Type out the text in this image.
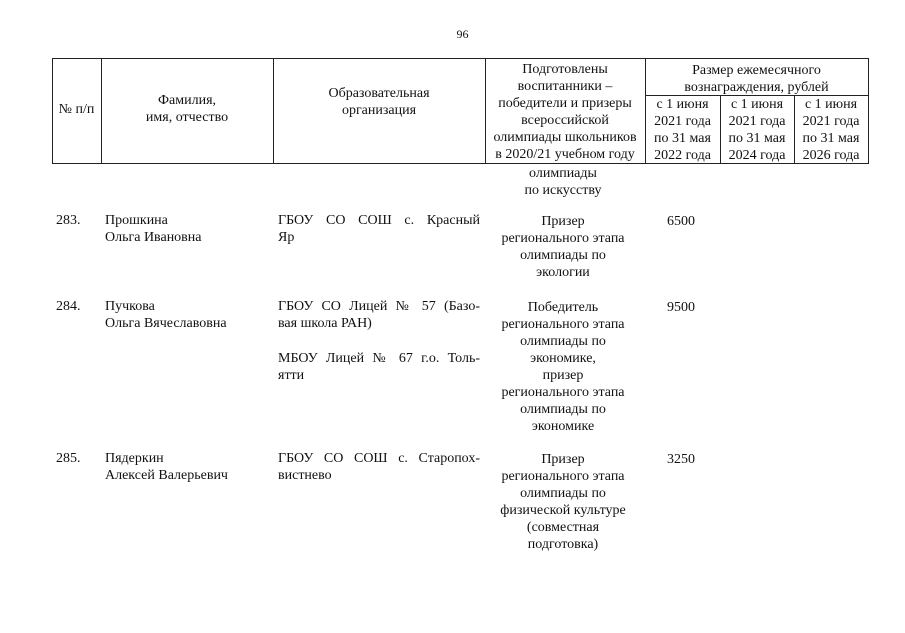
96
№ п/п
Фамилия,
имя, отчество
Образовательная
организация
Подготовлены
воспитанники –
победители и призеры
всероссийской
олимпиады школьников
в 2020/21 учебном году
Размер ежемесячного
вознаграждения, рублей
с 1 июня
2021 года
по 31 мая
2022 года
с 1 июня
2021 года
по 31 мая
2024 года
с 1 июня
2021 года
по 31 мая
2026 года
олимпиады
по искусству
283. Прошкина
Ольга Ивановна
ГБОУ СО СОШ с. Красный
Яр
Призер
регионального этапа
олимпиады по
экологии
6500
284. Пучкова
Ольга Вячеславовна
ГБОУ СО Лицей № 57 (Базо-
вая школа РАН)
МБОУ Лицей № 67 г.о. Толь-
ятти
Победитель
регионального этапа
олимпиады по
экономике,
призер
регионального этапа
олимпиады по
экономике
9500
285. Пядеркин
Алексей Валерьевич
ГБОУ СО СОШ с. Старопох-
вистнево
Призер
регионального этапа
олимпиады по
физической культуре
(совместная
подготовка)
3250
